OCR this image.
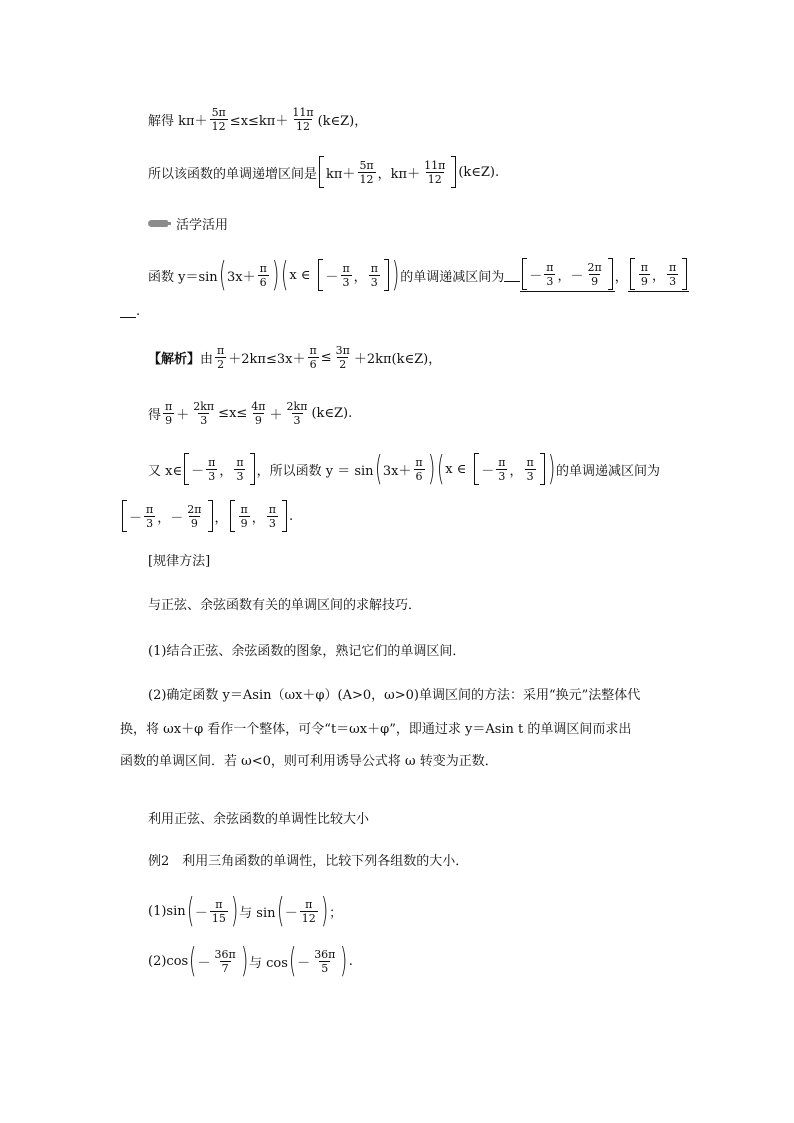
解得 $k\pi+ \frac{5\pi}{12} \le x\le k\pi+ \frac{11\pi}{12}$ (k∈Z)，
所以该函数的单调递增区间是 $k\pi+ \frac{5\pi}{12}$ ，$k\pi+ \frac{11\pi}{12}$ (k∈Z).
活学活用
函数 y＝sin ( $3x+ \frac{\pi}{6}$ ) ( x ∈ － $\frac{\pi}{3}$ ， $\frac{\pi}{3}$ ) 的单调递减区间为 － $\frac{\pi}{3}$ ， － $\frac{2\pi}{9}$ ， $\frac{\pi}{9}$ ， $\frac{\pi}{3}$
.
【解析】 由 $\frac{\pi}{2} +2k\pi\le 3x+ \frac{\pi}{6} \le \frac{3\pi}{2}$ ＋2kπ(k∈Z)，
得 $\frac{\pi}{9} + \frac{2k\pi}{3} \le x\le \frac{4\pi}{9} + \frac{2k\pi}{3}$ (k∈Z).
又 x∈ － $\frac{\pi}{3}$ ， $\frac{\pi}{3}$ ，所以函数 y ＝ sin ( $3x+ \frac{\pi}{6}$ ) ( x ∈ － $\frac{\pi}{3}$ ， $\frac{\pi}{3}$ ) 的单调递减区间为
－ $\frac{\pi}{3}$ ， － $\frac{2\pi}{9}$ ， $\frac{\pi}{9}$ ， $\frac{\pi}{3}$ .
[规律方法]
与正弦、余弦函数有关的单调区间的求解技巧．
(1)结合正弦、余弦函数的图象，熟记它们的单调区间．
(2)确定函数 y＝Asin（ωx＋φ）(A>0，ω>0)单调区间的方法：采用“换元”法整体代
换，将 ωx＋φ 看作一个整体，可令“t＝ωx＋φ”，即通过求 y＝Asin t 的单调区间而求出
函数的单调区间．若 ω<0，则可利用诱导公式将 ω 转变为正数．
利用正弦、余弦函数的单调性比较大小
例2 　利用三角函数的单调性，比较下列各组数的大小．
(1)sin ( － $\frac{\pi}{15}$ ) 与 sin ( － $\frac{\pi}{12}$ ) ；
(2)cos ( － $\frac{36\pi}{7}$ ) 与 cos ( － $\frac{36\pi}{5}$ ) .
